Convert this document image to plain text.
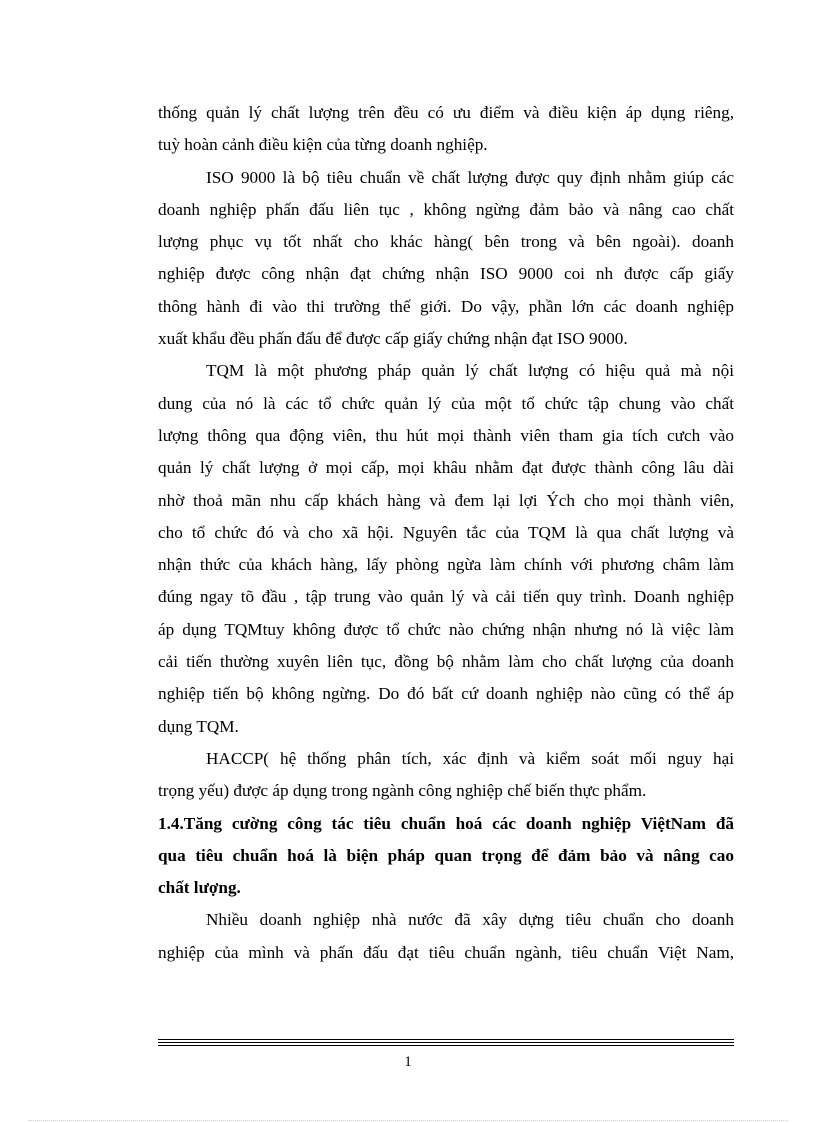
thống quản lý chất lượng trên đều có ưu điểm và điều kiện áp dụng riêng,
tuỳ hoàn cảnh điều kiện của từng doanh nghiệp.
ISO 9000 là bộ tiêu chuẩn về chất lượng được quy định nhằm giúp các
doanh nghiệp phấn đấu liên tục , không ngừng đảm bảo và nâng cao chất
lượng phục vụ tốt nhất cho khác hàng( bên trong và bên ngoài). doanh
nghiệp được công nhận đạt chứng nhận ISO 9000 coi nh được cấp giấy
thông hành đi vào thi trường thế giới. Do vậy, phần lớn các doanh nghiệp
xuất khẩu đều phấn đấu để được cấp giấy chứng nhận đạt ISO 9000.
TQM là một phương pháp quản lý chất lượng có hiệu quả mà nội
dung của nó là các tổ chức quản lý của một tổ chức tập chung vào chất
lượng thông qua động viên, thu hút mọi thành viên tham gia tích cưch vào
quản lý chất lượng ở mọi cấp, mọi khâu nhằm đạt được thành công lâu dài
nhờ thoả mãn nhu cấp khách hàng và đem lại lợi Ých cho mọi thành viên,
cho tổ chức đó và cho xã hội. Nguyên tắc của TQM là qua chất lượng và
nhận thức của khách hàng, lấy phòng ngừa làm chính với phương châm làm
đúng ngay tõ đầu , tập trung vào quản lý và cải tiến quy trình. Doanh nghiệp
áp dụng TQMtuy không được tổ chức nào chứng nhận nhưng nó là việc làm
cải tiến thường xuyên liên tục, đồng bộ nhằm làm cho chất lượng của doanh
nghiệp tiến bộ không ngừng. Do đó bất cứ doanh nghiệp nào cũng có thể áp
dụng TQM.
HACCP( hệ thống phân tích, xác định và kiểm soát mối nguy hại
trọng yếu) được áp dụng trong ngành công nghiệp chế biến thực phẩm.
1.4.Tăng cường công tác tiêu chuẩn hoá các doanh nghiệp ViệtNam đã
qua tiêu chuẩn hoá là biện pháp quan trọng để đảm bảo và nâng cao
chất lượng.
Nhiều doanh nghiệp nhà nước đã xây dựng tiêu chuẩn cho doanh
nghiệp của mình và phấn đấu đạt tiêu chuẩn ngành, tiêu chuẩn Việt Nam,
1
